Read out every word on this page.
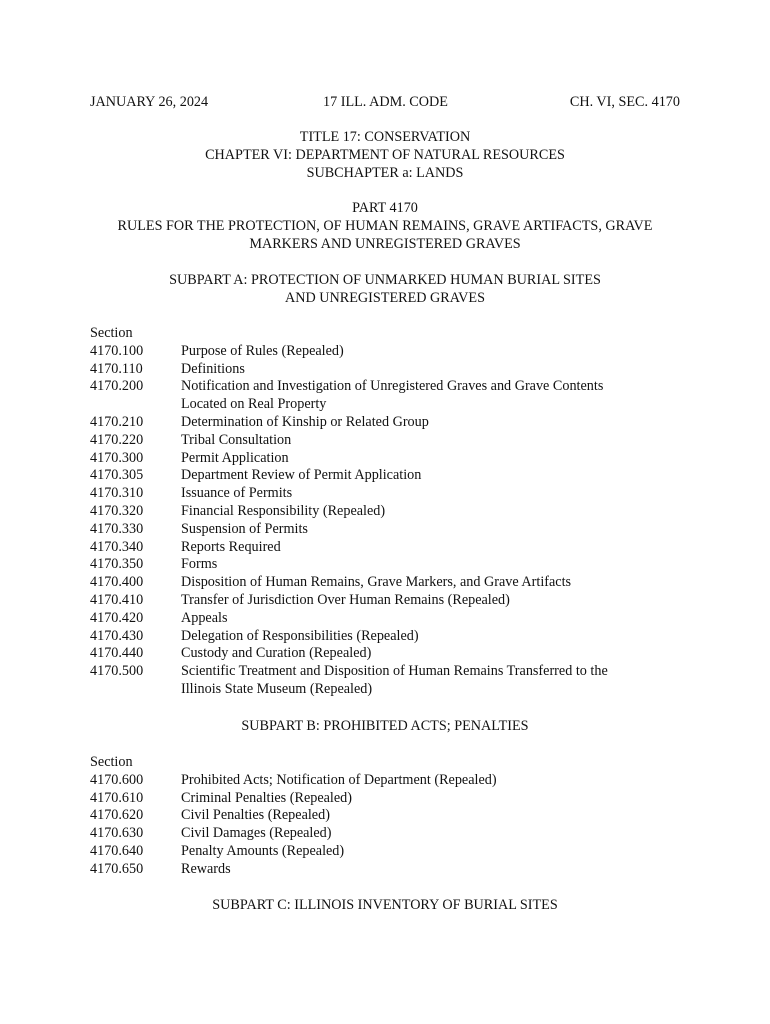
JANUARY 26, 2024	17 ILL. ADM. CODE	CH. VI, SEC. 4170
TITLE 17: CONSERVATION
CHAPTER VI: DEPARTMENT OF NATURAL RESOURCES
SUBCHAPTER a: LANDS
PART 4170
RULES FOR THE PROTECTION, OF HUMAN REMAINS, GRAVE ARTIFACTS, GRAVE
MARKERS AND UNREGISTERED GRAVES
SUBPART A: PROTECTION OF UNMARKED HUMAN BURIAL SITES
AND UNREGISTERED GRAVES
Section
4170.100	Purpose of Rules (Repealed)
4170.110	Definitions
4170.200	Notification and Investigation of Unregistered Graves and Grave Contents
Located on Real Property
4170.210	Determination of Kinship or Related Group
4170.220	Tribal Consultation
4170.300	Permit Application
4170.305	Department Review of Permit Application
4170.310	Issuance of Permits
4170.320	Financial Responsibility (Repealed)
4170.330	Suspension of Permits
4170.340	Reports Required
4170.350	Forms
4170.400	Disposition of Human Remains, Grave Markers, and Grave Artifacts
4170.410	Transfer of Jurisdiction Over Human Remains (Repealed)
4170.420	Appeals
4170.430	Delegation of Responsibilities (Repealed)
4170.440	Custody and Curation (Repealed)
4170.500	Scientific Treatment and Disposition of Human Remains Transferred to the
Illinois State Museum (Repealed)
SUBPART B: PROHIBITED ACTS; PENALTIES
Section
4170.600	Prohibited Acts; Notification of Department (Repealed)
4170.610	Criminal Penalties (Repealed)
4170.620	Civil Penalties (Repealed)
4170.630	Civil Damages (Repealed)
4170.640	Penalty Amounts (Repealed)
4170.650	Rewards
SUBPART C: ILLINOIS INVENTORY OF BURIAL SITES
